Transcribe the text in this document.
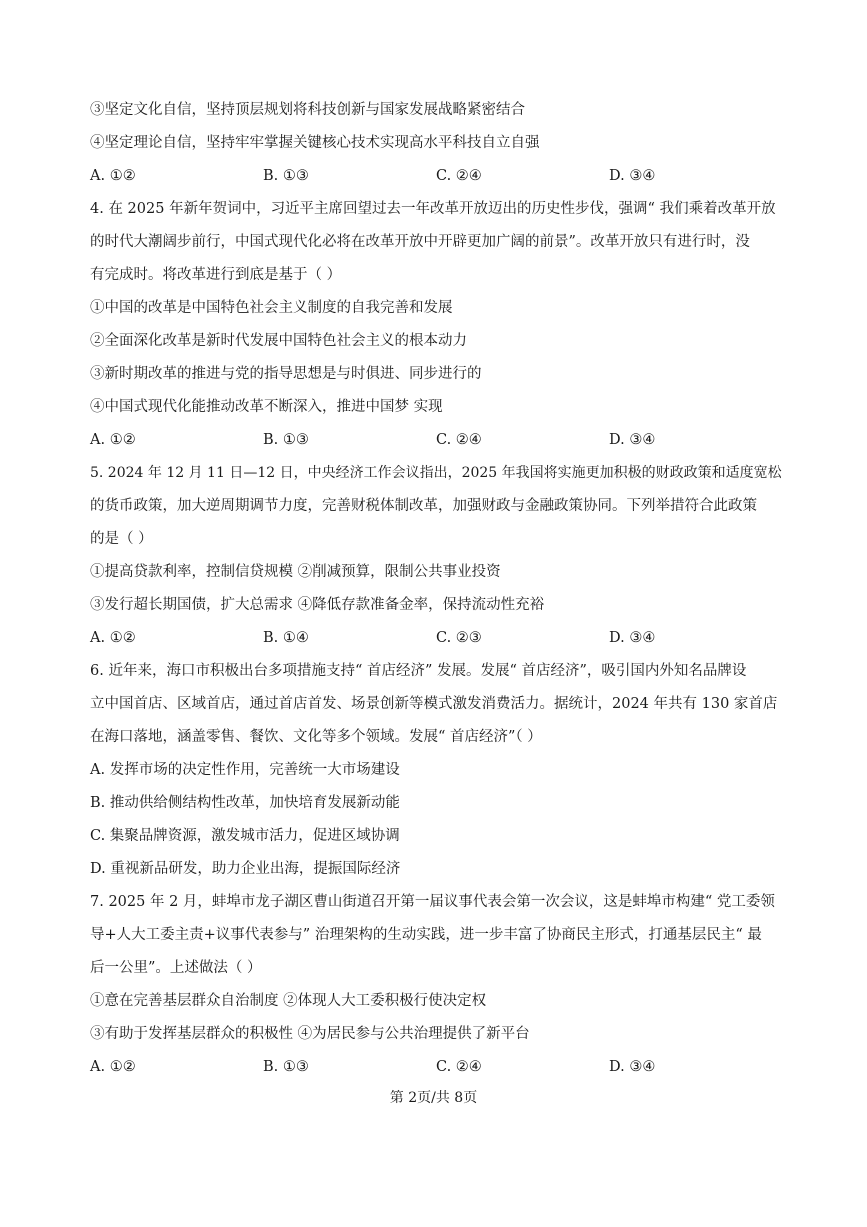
③坚定文化自信，坚持顶层规划将科技创新与国家发展战略紧密结合
④坚定理论自信，坚持牢牢掌握关键核心技术实现高水平科技自立自强
A. ①②	B. ①③	C. ②④	D. ③④
4. 在 2025 年新年贺词中，习近平主席回望过去一年改革开放迈出的历史性步伐，强调“ 我们乘着改革开放
的时代大潮阔步前行，中国式现代化必将在改革开放中开辟更加广阔的前景”。改革开放只有进行时，没
有完成时。将改革进行到底是基于（ ）
①中国的改革是中国特色社会主义制度的自我完善和发展
②全面深化改革是新时代发展中国特色社会主义的根本动力
③新时期改革的推进与党的指导思想是与时俱进、同步进行的
④中国式现代化能推动改革不断深入，推进中国梦 实现
A. ①②	B. ①③	C. ②④	D. ③④
5. 2024 年 12 月 11 日—12 日，中央经济工作会议指出，2025 年我国将实施更加积极的财政政策和适度宽松
的货币政策，加大逆周期调节力度，完善财税体制改革，加强财政与金融政策协同。下列举措符合此政策
的是（ ）
①提高贷款利率，控制信贷规模 ②削减预算，限制公共事业投资
③发行超长期国债，扩大总需求 ④降低存款准备金率，保持流动性充裕
A. ①②	B. ①④	C. ②③	D. ③④
6. 近年来，海口市积极出台多项措施支持“ 首店经济” 发展。发展“ 首店经济”，吸引国内外知名品牌设
立中国首店、区域首店，通过首店首发、场景创新等模式激发消费活力。据统计，2024 年共有 130 家首店
在海口落地，涵盖零售、餐饮、文化等多个领域。发展“ 首店经济”（ ）
A. 发挥市场的决定性作用，完善统一大市场建设
B. 推动供给侧结构性改革，加快培育发展新动能
C. 集聚品牌资源，激发城市活力，促进区域协调
D. 重视新品研发，助力企业出海，提振国际经济
7. 2025 年 2 月，蚌埠市龙子湖区曹山街道召开第一届议事代表会第一次会议，这是蚌埠市构建“ 党工委领
导+人大工委主责+议事代表参与” 治理架构的生动实践，进一步丰富了协商民主形式，打通基层民主“ 最
后一公里”。上述做法（ ）
①意在完善基层群众自治制度 ②体现人大工委积极行使决定权
③有助于发挥基层群众的积极性 ④为居民参与公共治理提供了新平台
A. ①②	B. ①③	C. ②④	D. ③④
第 2页/共 8页
